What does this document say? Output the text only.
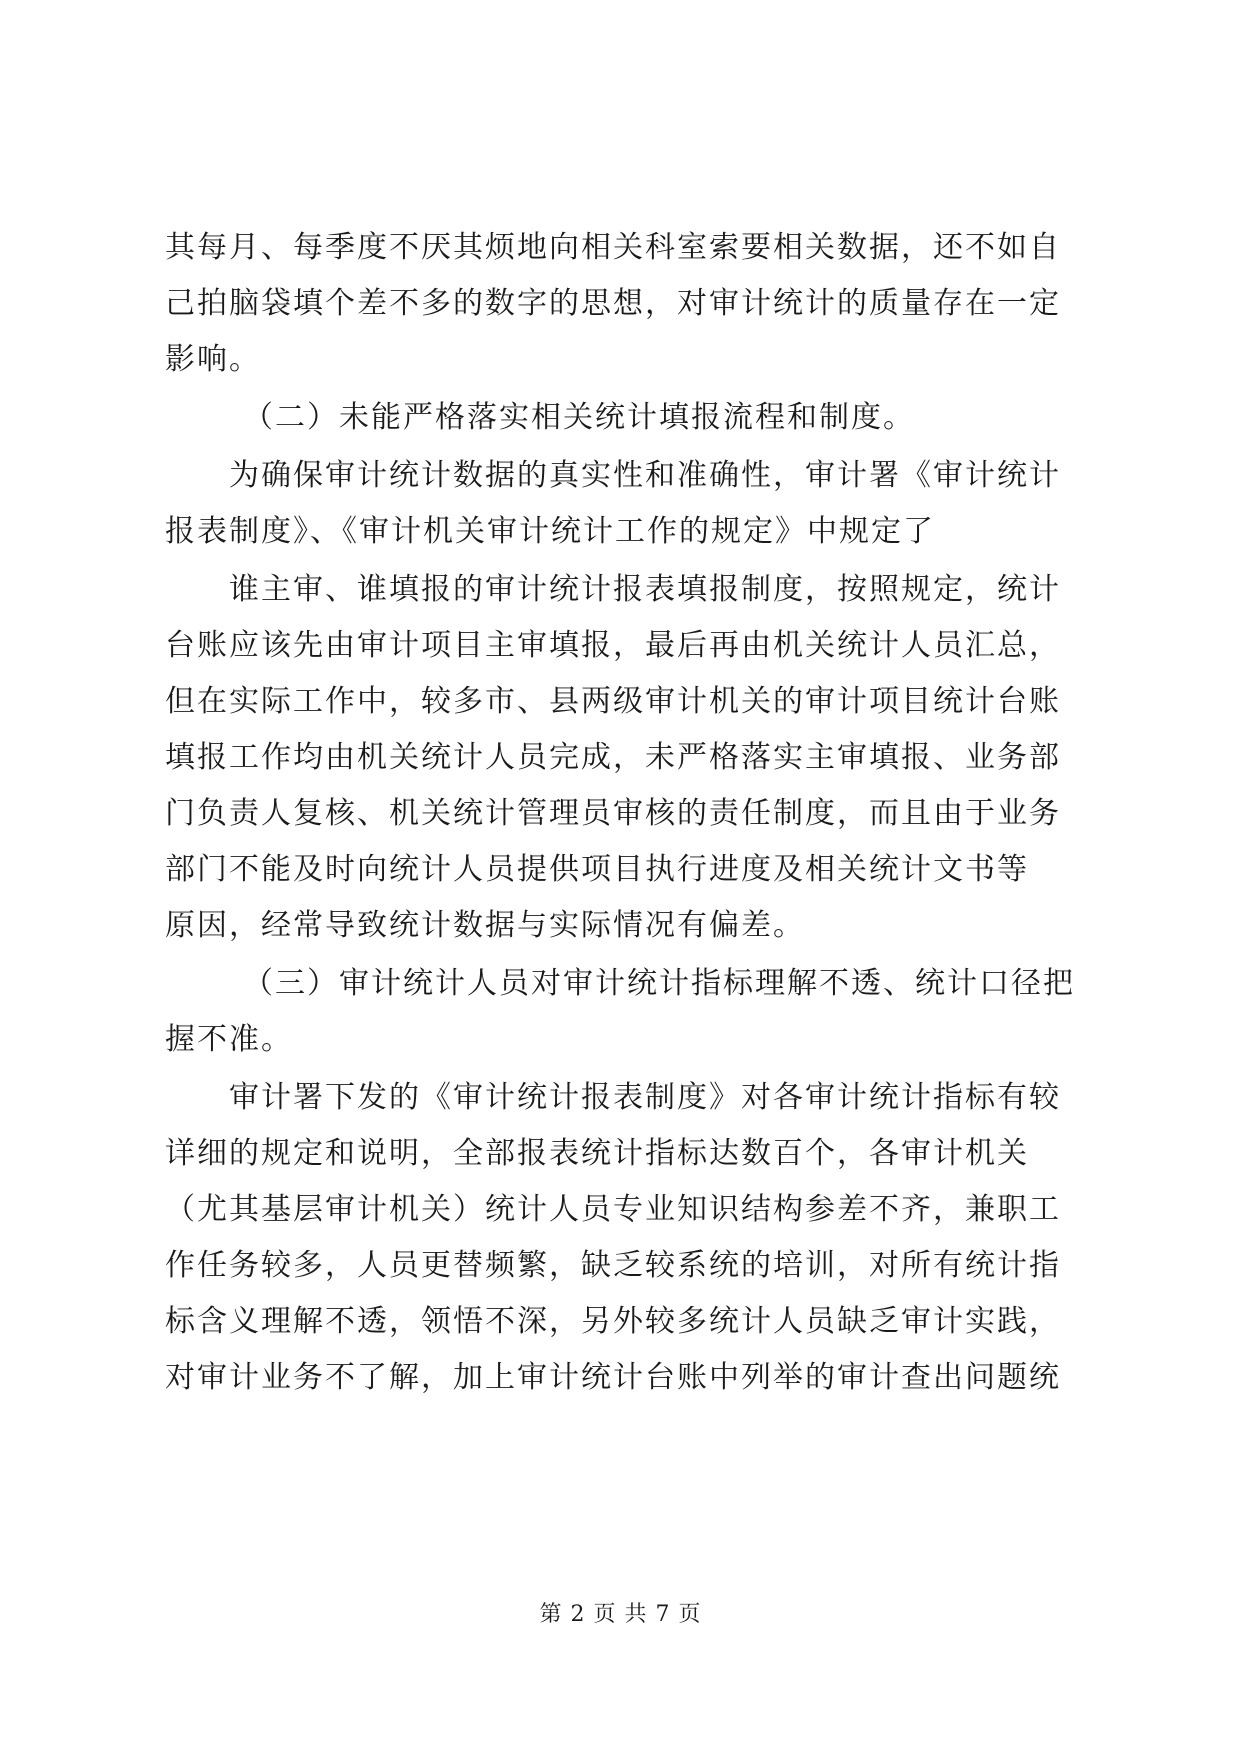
其每月、每季度不厌其烦地向相关科室索要相关数据，还不如自
己拍脑袋填个差不多的数字的思想，对审计统计的质量存在一定
影响。
（二）未能严格落实相关统计填报流程和制度。
为确保审计统计数据的真实性和准确性，审计署《审计统计
报表制度》、《审计机关审计统计工作的规定》中规定了
谁主审、谁填报的审计统计报表填报制度，按照规定，统计
台账应该先由审计项目主审填报，最后再由机关统计人员汇总，
但在实际工作中，较多市、县两级审计机关的审计项目统计台账
填报工作均由机关统计人员完成，未严格落实主审填报、业务部
门负责人复核、机关统计管理员审核的责任制度，而且由于业务
部门不能及时向统计人员提供项目执行进度及相关统计文书等
原因，经常导致统计数据与实际情况有偏差。
（三）审计统计人员对审计统计指标理解不透、统计口径把
握不准。
审计署下发的《审计统计报表制度》对各审计统计指标有较
详细的规定和说明，全部报表统计指标达数百个，各审计机关
（尤其基层审计机关）统计人员专业知识结构参差不齐，兼职工
作任务较多，人员更替频繁，缺乏较系统的培训，对所有统计指
标含义理解不透，领悟不深，另外较多统计人员缺乏审计实践，
对审计业务不了解，加上审计统计台账中列举的审计查出问题统
第 2 页 共 7 页
